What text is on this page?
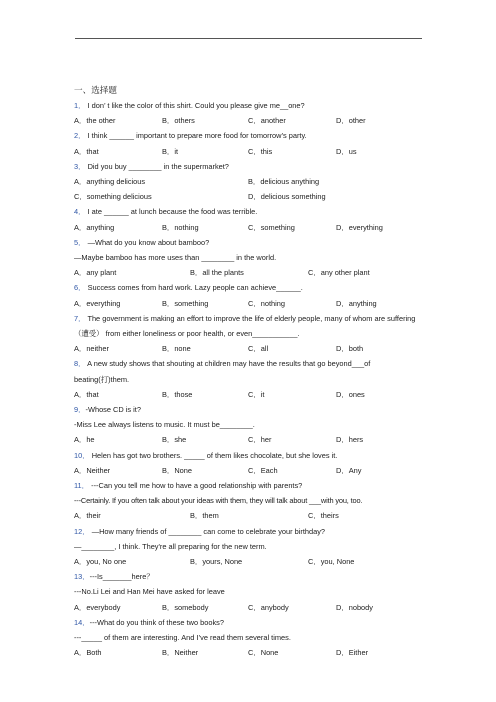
一、选择题
1． I don’ t like the color of this shirt. Could you please give me__one?
A．the other	B．others	C．another	D．other
2． I think ______ important to prepare more food for tomorrow’s party.
A．that	B．it	C．this	D．us
3． Did you buy ________ in the supermarket?
A．anything delicious	B．delicious anything
C．something delicious	D．delicious something
4． I ate ______ at lunch because the food was terrible.
A．anything	B．nothing	C．something	D．everything
5． —What do you know about bamboo?
—Maybe bamboo has more uses than ________ in the world.
A．any plant	B．all the plants	C．any other plant
6． Success comes from hard work. Lazy people can achieve______.
A．everything	B．something	C．nothing	D．anything
7． The government is making an effort to improve the life of elderly people, many of whom are suffering（遭受） from either loneliness or poor health, or even___________.
A．neither	B．none	C．all	D．both
8． A new study shows that shouting at children may have the results that go beyond___of beating(打)them.
A．that	B．those	C．it	D．ones
9．-Whose CD is it?
-Miss Lee always listens to music. It must be________.
A．he	B．she	C．her	D．hers
10． Helen has got two brothers. _____ of them likes chocolate, but she loves it.
A．Neither	B．None	C．Each	D．Any
11． ---Can you tell me how to have a good relationship with parents?
---Certainly. If you often talk about your ideas with them, they will talk about ___with you, too.
A．their	B．them	C．theirs
12． —How many friends of ________ can come to celebrate your birthday?
—________, I think. They're all preparing for the new term.
A．you, No one	B．yours, None	C．you, None
13．---Is_______here？
---No.Li Lei and Han Mei have asked for leave
A．everybody	B．somebody	C．anybody	D．nobody
14．---What do you think of these two books?
---_____ of them are interesting. And I’ve read them several times.
A．Both	B．Neither	C．None	D．Either
